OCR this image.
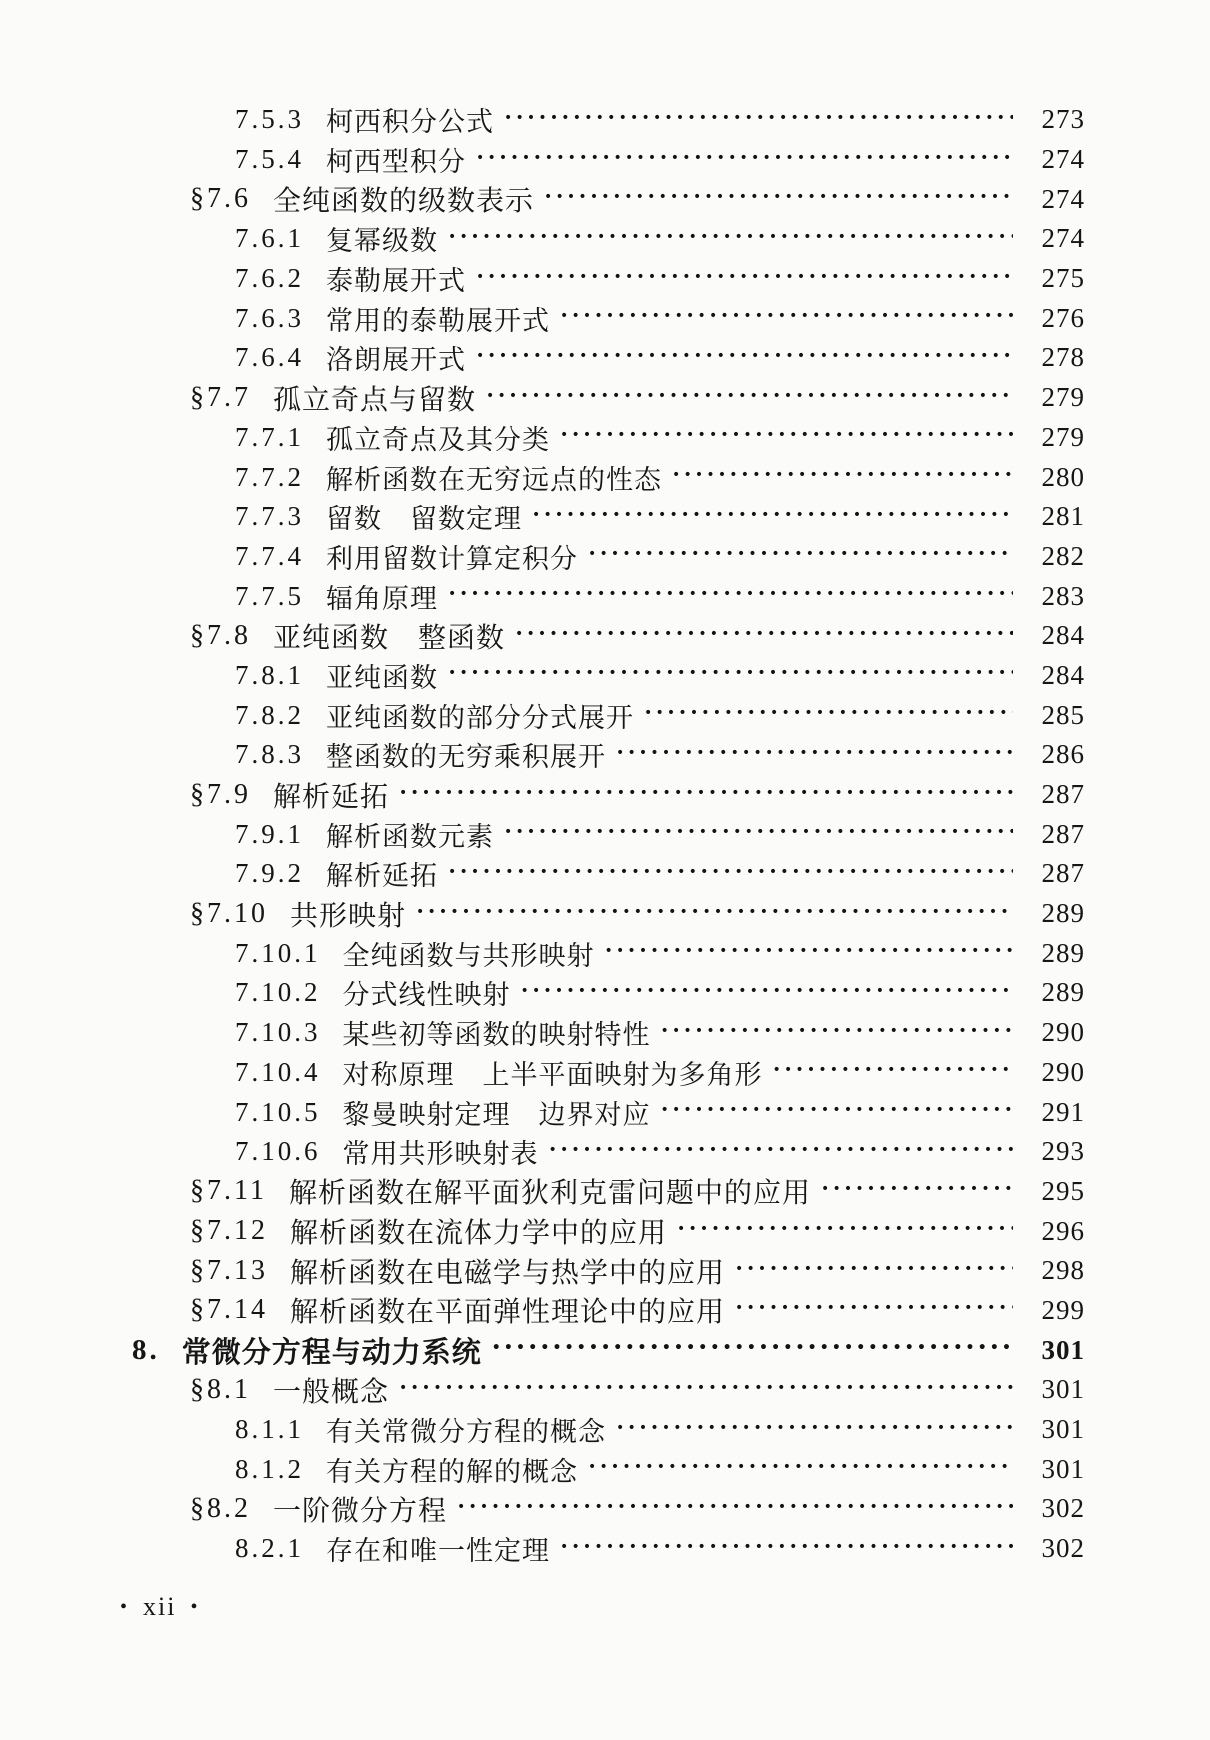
7.5.3 柯西积分公式 •••••	273
7.5.4 柯西型积分 •••••	274
§7.6 全纯函数的级数表示 •••••	274
7.6.1 复幂级数 •••••	274
7.6.2 泰勒展开式 •••••	275
7.6.3 常用的泰勒展开式 •••••	276
7.6.4 洛朗展开式 •••••	278
§7.7 孤立奇点与留数 •••••	279
7.7.1 孤立奇点及其分类 •••••	279
7.7.2 解析函数在无穷远点的性态 •••••	280
7.7.3 留数　留数定理 •••••	281
7.7.4 利用留数计算定积分 •••••	282
7.7.5 辐角原理 •••••	283
§7.8 亚纯函数　整函数 •••••	284
7.8.1 亚纯函数 •••••	284
7.8.2 亚纯函数的部分分式展开 •••••	285
7.8.3 整函数的无穷乘积展开 •••••	286
§7.9 解析延拓 •••••	287
7.9.1 解析函数元素 •••••	287
7.9.2 解析延拓 •••••	287
§7.10 共形映射 •••••	289
7.10.1 全纯函数与共形映射 •••••	289
7.10.2 分式线性映射 •••••	289
7.10.3 某些初等函数的映射特性 •••••	290
7.10.4 对称原理　上半平面映射为多角形 •••••	290
7.10.5 黎曼映射定理　边界对应 •••••	291
7.10.6 常用共形映射表 •••••	293
§7.11 解析函数在解平面狄利克雷问题中的应用 •••••	295
§7.12 解析函数在流体力学中的应用 •••••	296
§7.13 解析函数在电磁学与热学中的应用 •••••	298
§7.14 解析函数在平面弹性理论中的应用 •••••	299
8. 常微分方程与动力系统 •••••	301
§8.1 一般概念 •••••	301
8.1.1 有关常微分方程的概念 •••••	301
8.1.2 有关方程的解的概念 •••••	301
§8.2 一阶微分方程 •••••	302
8.2.1 存在和唯一性定理 •••••	302
• xii •
